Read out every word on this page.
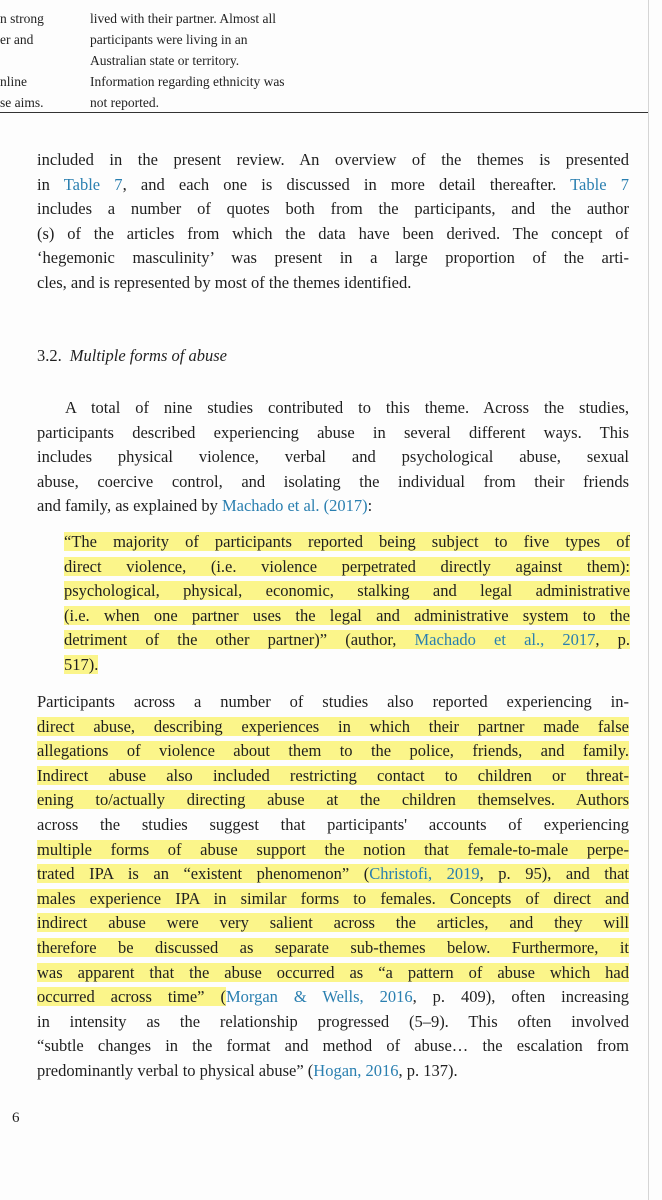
n strong
er and
nline
se aims.
lived with their partner. Almost all
participants were living in an
Australian state or territory.
Information regarding ethnicity was
not reported.
included in the present review. An overview of the themes is presented
in Table 7, and each one is discussed in more detail thereafter. Table 7
includes a number of quotes both from the participants, and the author
(s) of the articles from which the data have been derived. The concept of
‘hegemonic masculinity’ was present in a large proportion of the arti-
cles, and is represented by most of the themes identified.
3.2. Multiple forms of abuse
A total of nine studies contributed to this theme. Across the studies,
participants described experiencing abuse in several different ways. This
includes physical violence, verbal and psychological abuse, sexual
abuse, coercive control, and isolating the individual from their friends
and family, as explained by Machado et al. (2017):
“The majority of participants reported being subject to five types of
direct violence, (i.e. violence perpetrated directly against them):
psychological, physical, economic, stalking and legal administrative
(i.e. when one partner uses the legal and administrative system to the
detriment of the other partner)” (author, Machado et al., 2017, p.
517).
Participants across a number of studies also reported experiencing in-
direct abuse, describing experiences in which their partner made false
allegations of violence about them to the police, friends, and family.
Indirect abuse also included restricting contact to children or threat-
ening to/actually directing abuse at the children themselves. Authors
across the studies suggest that participants' accounts of experiencing
multiple forms of abuse support the notion that female-to-male perpe-
trated IPA is an “existent phenomenon” (Christofi, 2019, p. 95), and that
males experience IPA in similar forms to females. Concepts of direct and
indirect abuse were very salient across the articles, and they will
therefore be discussed as separate sub-themes below. Furthermore, it
was apparent that the abuse occurred as “a pattern of abuse which had
occurred across time” (Morgan & Wells, 2016, p. 409), often increasing
in intensity as the relationship progressed (5–9). This often involved
“subtle changes in the format and method of abuse… the escalation from
predominantly verbal to physical abuse” (Hogan, 2016, p. 137).
6
